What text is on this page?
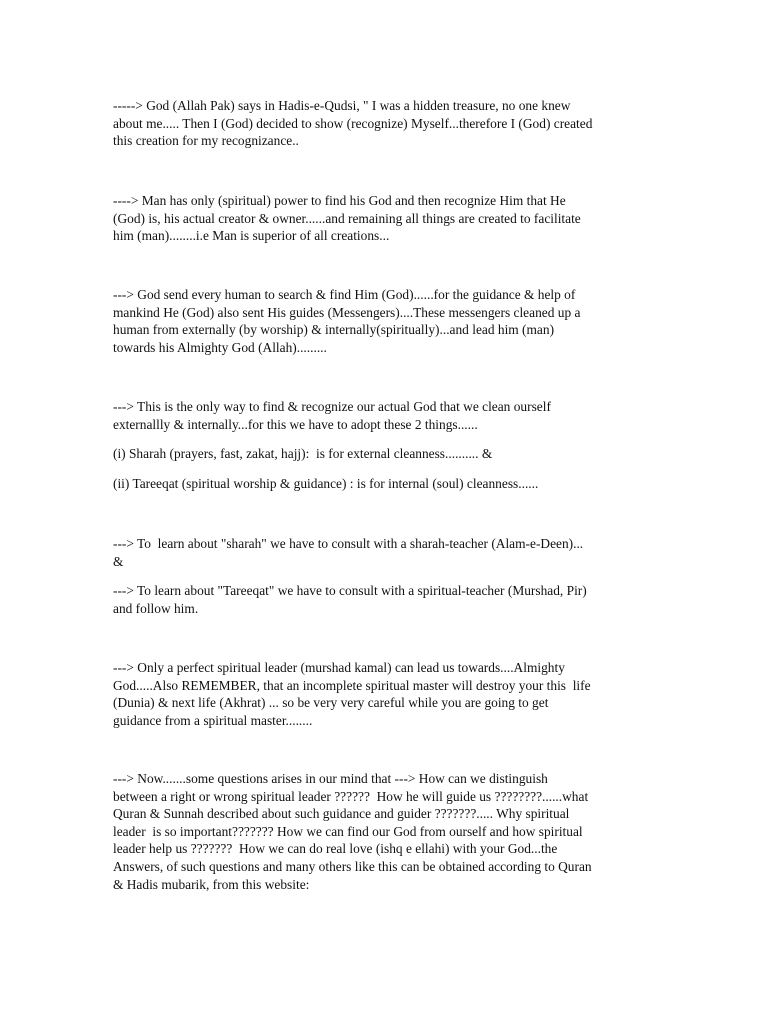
-----> God (Allah Pak) says in Hadis-e-Qudsi, " I was a hidden treasure, no one knew
about me..... Then I (God) decided to show (recognize) Myself...therefore I (God) created
this creation for my recognizance..
----> Man has only (spiritual) power to find his God and then recognize Him that He
(God) is, his actual creator & owner......and remaining all things are created to facilitate
him (man)........i.e Man is superior of all creations...
---> God send every human to search & find Him (God)......for the guidance & help of
mankind He (God) also sent His guides (Messengers)....These messengers cleaned up a
human from externally (by worship) & internally(spiritually)...and lead him (man)
towards his Almighty God (Allah).........
---> This is the only way to find & recognize our actual God that we clean ourself
externallly & internally...for this we have to adopt these 2 things......
(i) Sharah (prayers, fast, zakat, hajj):  is for external cleanness.......... &
(ii) Tareeqat (spiritual worship & guidance) : is for internal (soul) cleanness......
---> To  learn about "sharah" we have to consult with a sharah-teacher (Alam-e-Deen)...
&
---> To learn about "Tareeqat" we have to consult with a spiritual-teacher (Murshad, Pir)
and follow him.
---> Only a perfect spiritual leader (murshad kamal) can lead us towards....Almighty
God.....Also REMEMBER, that an incomplete spiritual master will destroy your this  life
(Dunia) & next life (Akhrat) ... so be very very careful while you are going to get
guidance from a spiritual master........
---> Now.......some questions arises in our mind that ---> How can we distinguish
between a right or wrong spiritual leader ??????  How he will guide us ????????......what
Quran & Sunnah described about such guidance and guider ???????..... Why spiritual
leader  is so important??????? How we can find our God from ourself and how spiritual
leader help us ???????  How we can do real love (ishq e ellahi) with your God...the
Answers, of such questions and many others like this can be obtained according to Quran
& Hadis mubarik, from this website:
